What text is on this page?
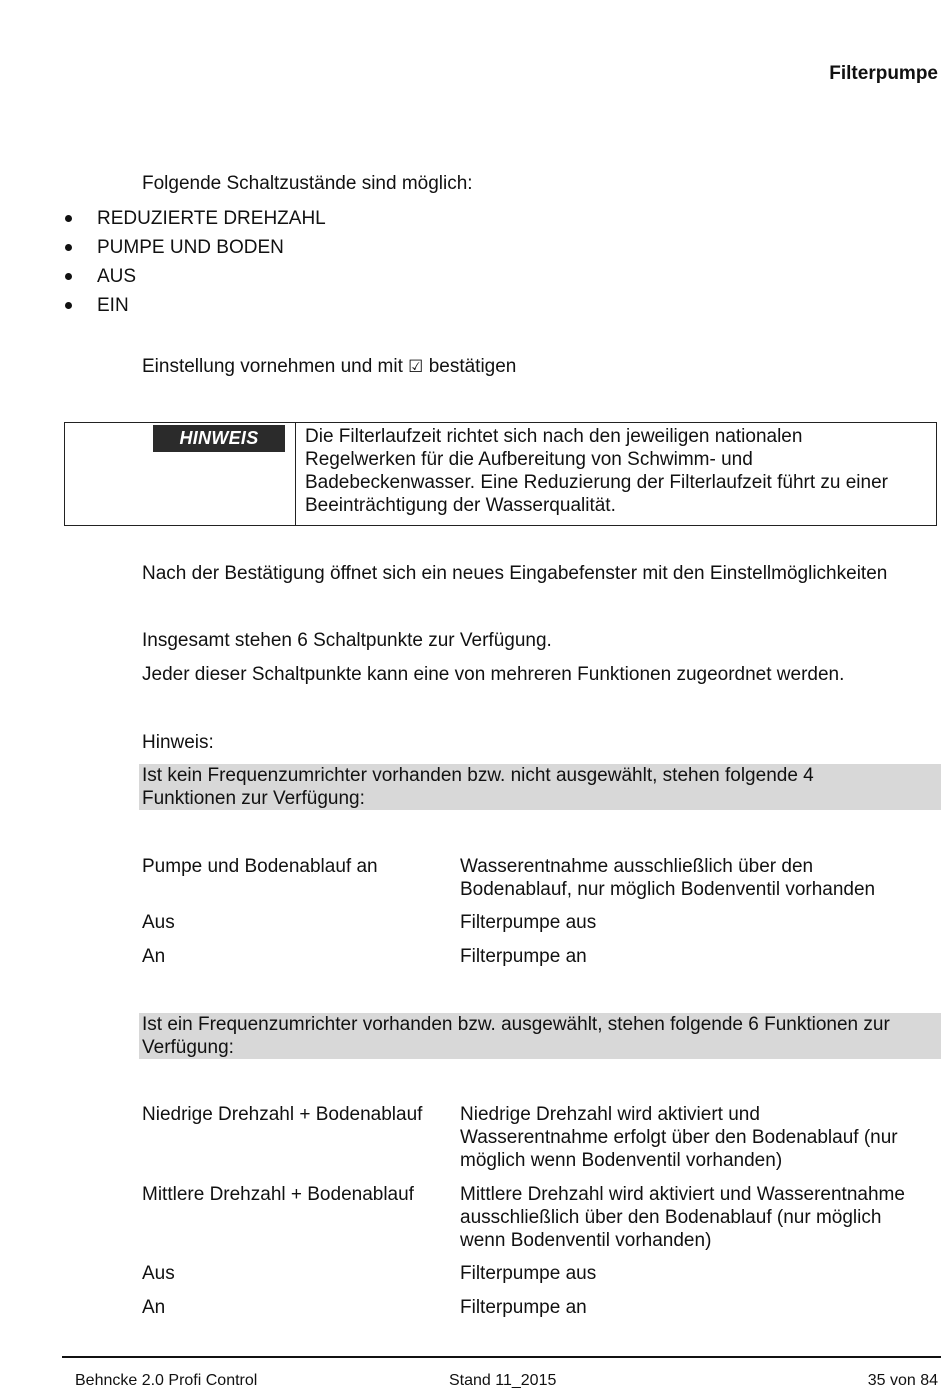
Filterpumpe
Folgende Schaltzustände sind möglich:
REDUZIERTE DREHZAHL
PUMPE UND BODEN
AUS
EIN
Einstellung vornehmen und mit ☑ bestätigen
HINWEIS	Die Filterlaufzeit richtet sich nach den jeweiligen nationalen
Regelwerken für die Aufbereitung von Schwimm- und
Badebeckenwasser. Eine Reduzierung der Filterlaufzeit führt zu einer
Beeinträchtigung der Wasserqualität.
Nach der Bestätigung öffnet sich ein neues Eingabefenster mit den Einstellmöglichkeiten
Insgesamt stehen 6 Schaltpunkte zur Verfügung.
Jeder dieser Schaltpunkte kann eine von mehreren Funktionen zugeordnet werden.
Hinweis:
Ist kein Frequenzumrichter vorhanden bzw. nicht ausgewählt, stehen folgende 4
Funktionen zur Verfügung:
Pumpe und Bodenablauf an	Wasserentnahme ausschließlich über den
Bodenablauf, nur möglich Bodenventil vorhanden
Aus	Filterpumpe aus
An	Filterpumpe an
Ist ein Frequenzumrichter vorhanden bzw. ausgewählt, stehen folgende 6 Funktionen zur
Verfügung:
Niedrige Drehzahl + Bodenablauf	Niedrige Drehzahl wird aktiviert und
Wasserentnahme erfolgt über den Bodenablauf (nur
möglich wenn Bodenventil vorhanden)
Mittlere Drehzahl + Bodenablauf	Mittlere Drehzahl wird aktiviert und Wasserentnahme
ausschließlich über den Bodenablauf (nur möglich
wenn Bodenventil vorhanden)
Aus	Filterpumpe aus
An	Filterpumpe an
Behncke 2.0 Profi Control	Stand 11_2015	35 von 84
